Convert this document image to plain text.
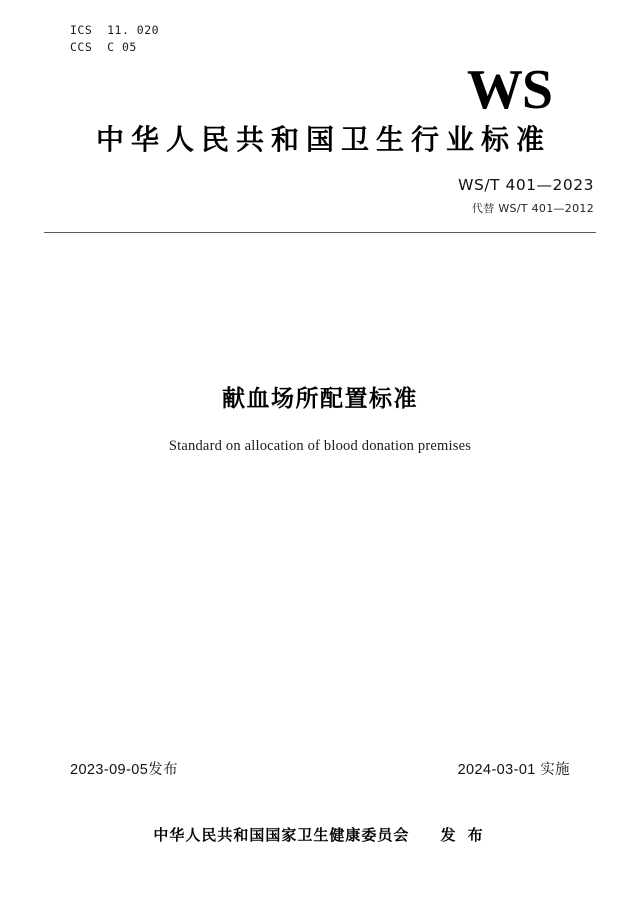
ICS  11. 020
CCS  C 05
WS
中华人民共和国卫生行业标准
WS/T 401—2023
代替 WS/T 401—2012
献血场所配置标准
Standard on allocation of blood donation premises
2023-09-05发布	2024-03-01 实施
中华人民共和国国家卫生健康委员会 发 布
